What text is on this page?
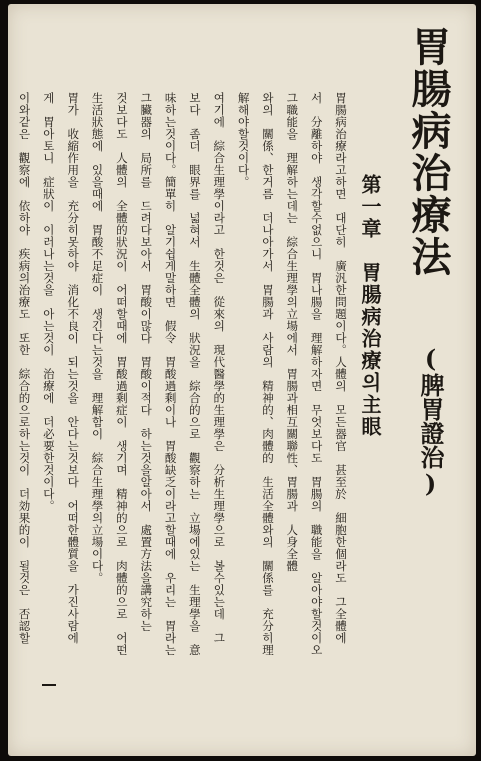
胃腸病治療法
(脾胃證治)
第一章　胃腸病治療의主眼
胃腸病治療라고하면　대단히　廣汎한問題이다。人體의　모든器官　甚至於　細胞한個라도　그全體에
서　分離하야　생각할수없으니　胃나腸을　理解하자면　무엇보다도　胃腸의　職能을　알아야할것이오
그職能을　理解하는데는　綜合生理學의立場에서　胃腸과相互關聯性、胃腸과　人身全體
와의　關係、한거름　더나아가서　胃腸과　사람의　精神的、肉體的　生活全體와의　關係를　充分히理
解해야할것이다。
여기에　綜合生理學이라고　한것은　從來의　現代醫學的生理學은　分析生理學으로　볼수있는데　그
보다　좀더　眼界를　넓혀서　生體全體의　狀況을　綜合的으로　觀察하는　立場에있는　生理學을　意
味하는것이다。簡單히　알기쉽게말하면　假令　胃酸過剩이나　胃酸缺乏이라고할때에　우리는　胃라는
그臟器의　局所를　드려다보아서　胃酸이많다　胃酸이적다　하는것을알아서　處置方法을講究하는
것보다도　人體의　全體的狀況이　어떠할때에　胃酸過剩症이　생기며　精神的으로　肉體的으로　어떤
生活狀態에　있을때에　胃酸不足症이　생긴다는것을　理解함이　綜合生理學의立場이다。
胃가　收縮作用을　充分히못하야　消化不良이　되는것을　안다는것보다　어떠한體質을　가진사람에
게　胃아토니　症狀이　이러나는것을　아는것이　治療에　더必要한것이다。
이와같은　觀察에　依하야　疾病의治療도　또한　綜合的으로하는것이　더効果的이　될것은　否認할
